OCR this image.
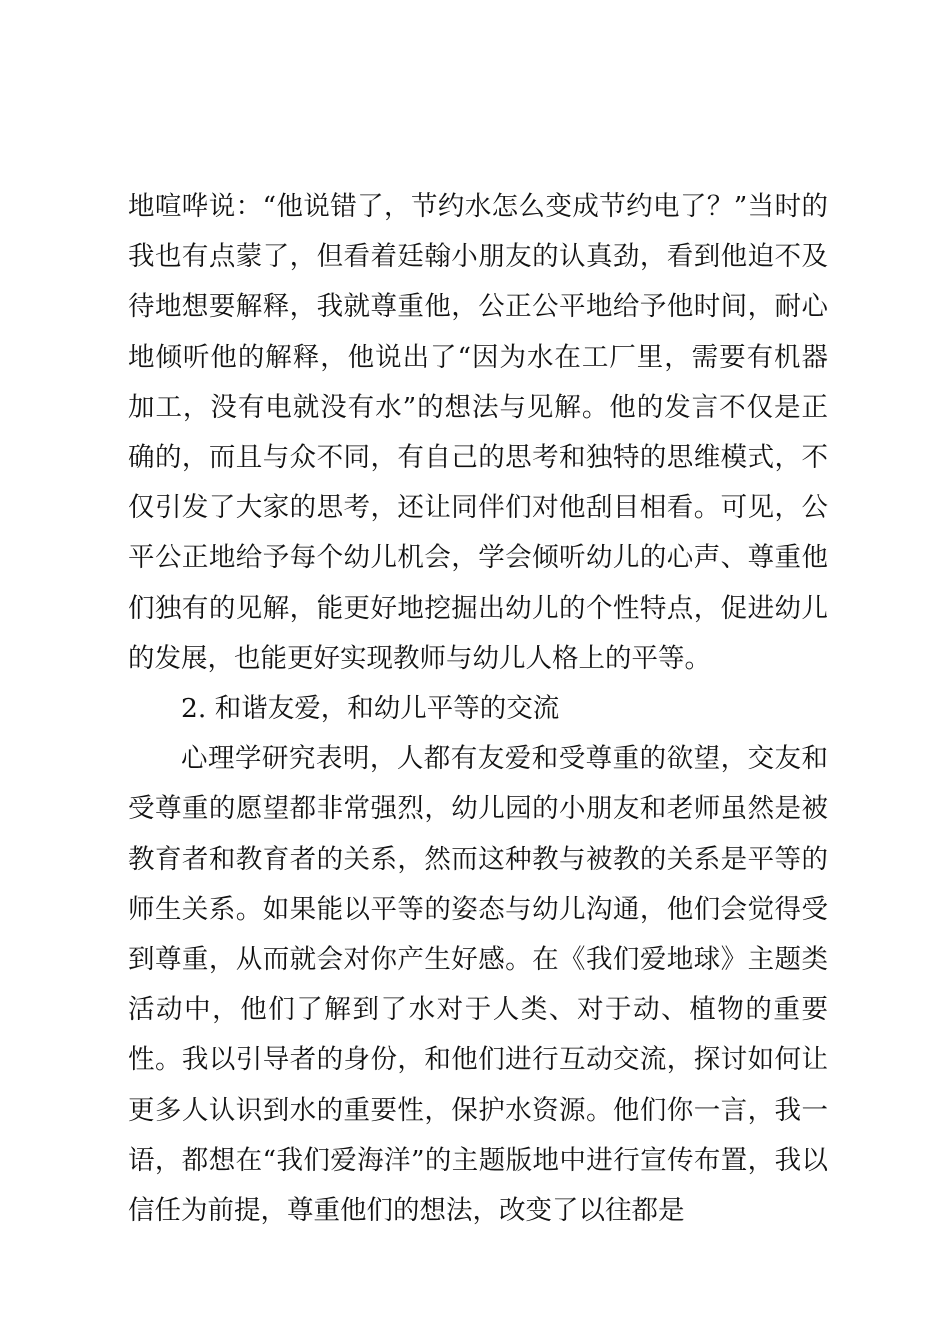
地喧哗说：“他说错了，节约水怎么变成节约电了？”当时的我也有点蒙了，但看着廷翰小朋友的认真劲，看到他迫不及待地想要解释，我就尊重他，公正公平地给予他时间，耐心地倾听他的解释，他说出了“因为水在工厂里，需要有机器加工，没有电就没有水”的想法与见解。他的发言不仅是正确的，而且与众不同，有自己的思考和独特的思维模式，不仅引发了大家的思考，还让同伴们对他刮目相看。可见，公平公正地给予每个幼儿机会，学会倾听幼儿的心声、尊重他们独有的见解，能更好地挖掘出幼儿的个性特点，促进幼儿的发展，也能更好实现教师与幼儿人格上的平等。

2. 和谐友爱，和幼儿平等的交流

心理学研究表明，人都有友爱和受尊重的欲望，交友和受尊重的愿望都非常强烈，幼儿园的小朋友和老师虽然是被教育者和教育者的关系，然而这种教与被教的关系是平等的师生关系。如果能以平等的姿态与幼儿沟通，他们会觉得受到尊重，从而就会对你产生好感。在《我们爱地球》主题类活动中，他们了解到了水对于人类、对于动、植物的重要性。我以引导者的身份，和他们进行互动交流，探讨如何让更多人认识到水的重要性，保护水资源。他们你一言，我一语，都想在“我们爱海洋”的主题版地中进行宣传布置，我以信任为前提，尊重他们的想法，改变了以往都是
